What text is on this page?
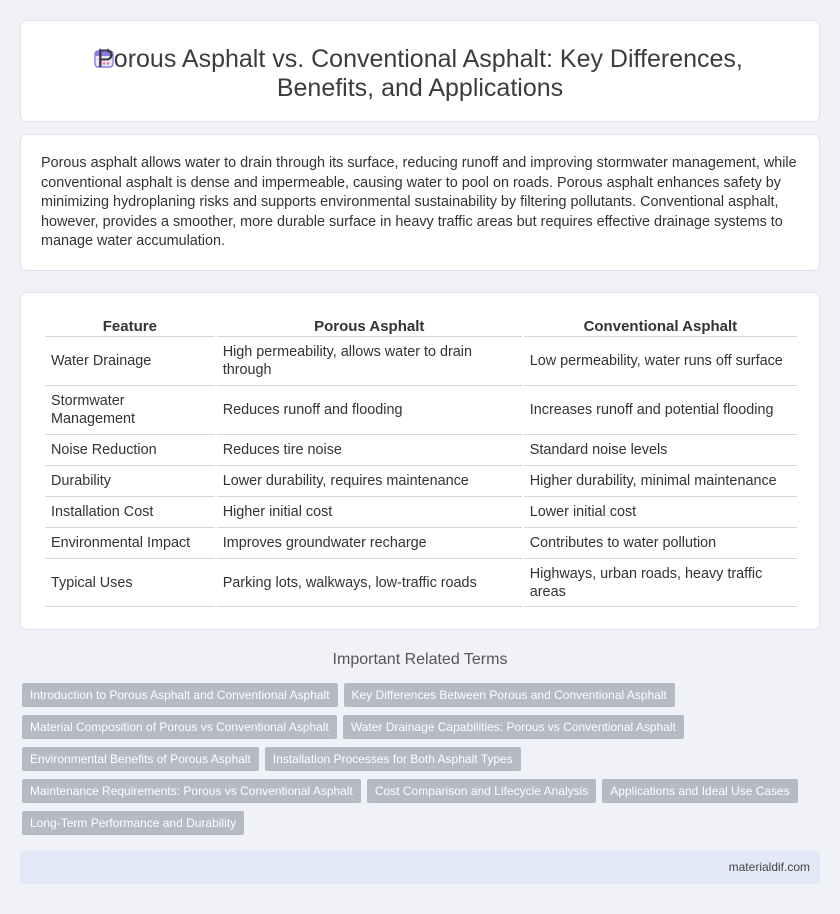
Porous Asphalt vs. Conventional Asphalt: Key Differences, Benefits, and Applications

Porous asphalt allows water to drain through its surface, reducing runoff and improving stormwater management, while conventional asphalt is dense and impermeable, causing water to pool on roads. Porous asphalt enhances safety by minimizing hydroplaning risks and supports environmental sustainability by filtering pollutants. Conventional asphalt, however, provides a smoother, more durable surface in heavy traffic areas but requires effective drainage systems to manage water accumulation.

Feature	Porous Asphalt	Conventional Asphalt
Water Drainage	High permeability, allows water to drain through	Low permeability, water runs off surface
Stormwater Management	Reduces runoff and flooding	Increases runoff and potential flooding
Noise Reduction	Reduces tire noise	Standard noise levels
Durability	Lower durability, requires maintenance	Higher durability, minimal maintenance
Installation Cost	Higher initial cost	Lower initial cost
Environmental Impact	Improves groundwater recharge	Contributes to water pollution
Typical Uses	Parking lots, walkways, low-traffic roads	Highways, urban roads, heavy traffic areas
Important Related Terms
Introduction to Porous Asphalt and Conventional Asphalt	Key Differences Between Porous and Conventional Asphalt
Material Composition of Porous vs Conventional Asphalt	Water Drainage Capabilities: Porous vs Conventional Asphalt
Environmental Benefits of Porous Asphalt	Installation Processes for Both Asphalt Types
Maintenance Requirements: Porous vs Conventional Asphalt	Cost Comparison and Lifecycle Analysis	Applications and Ideal Use Cases
Long-Term Performance and Durability
materialdif.com
